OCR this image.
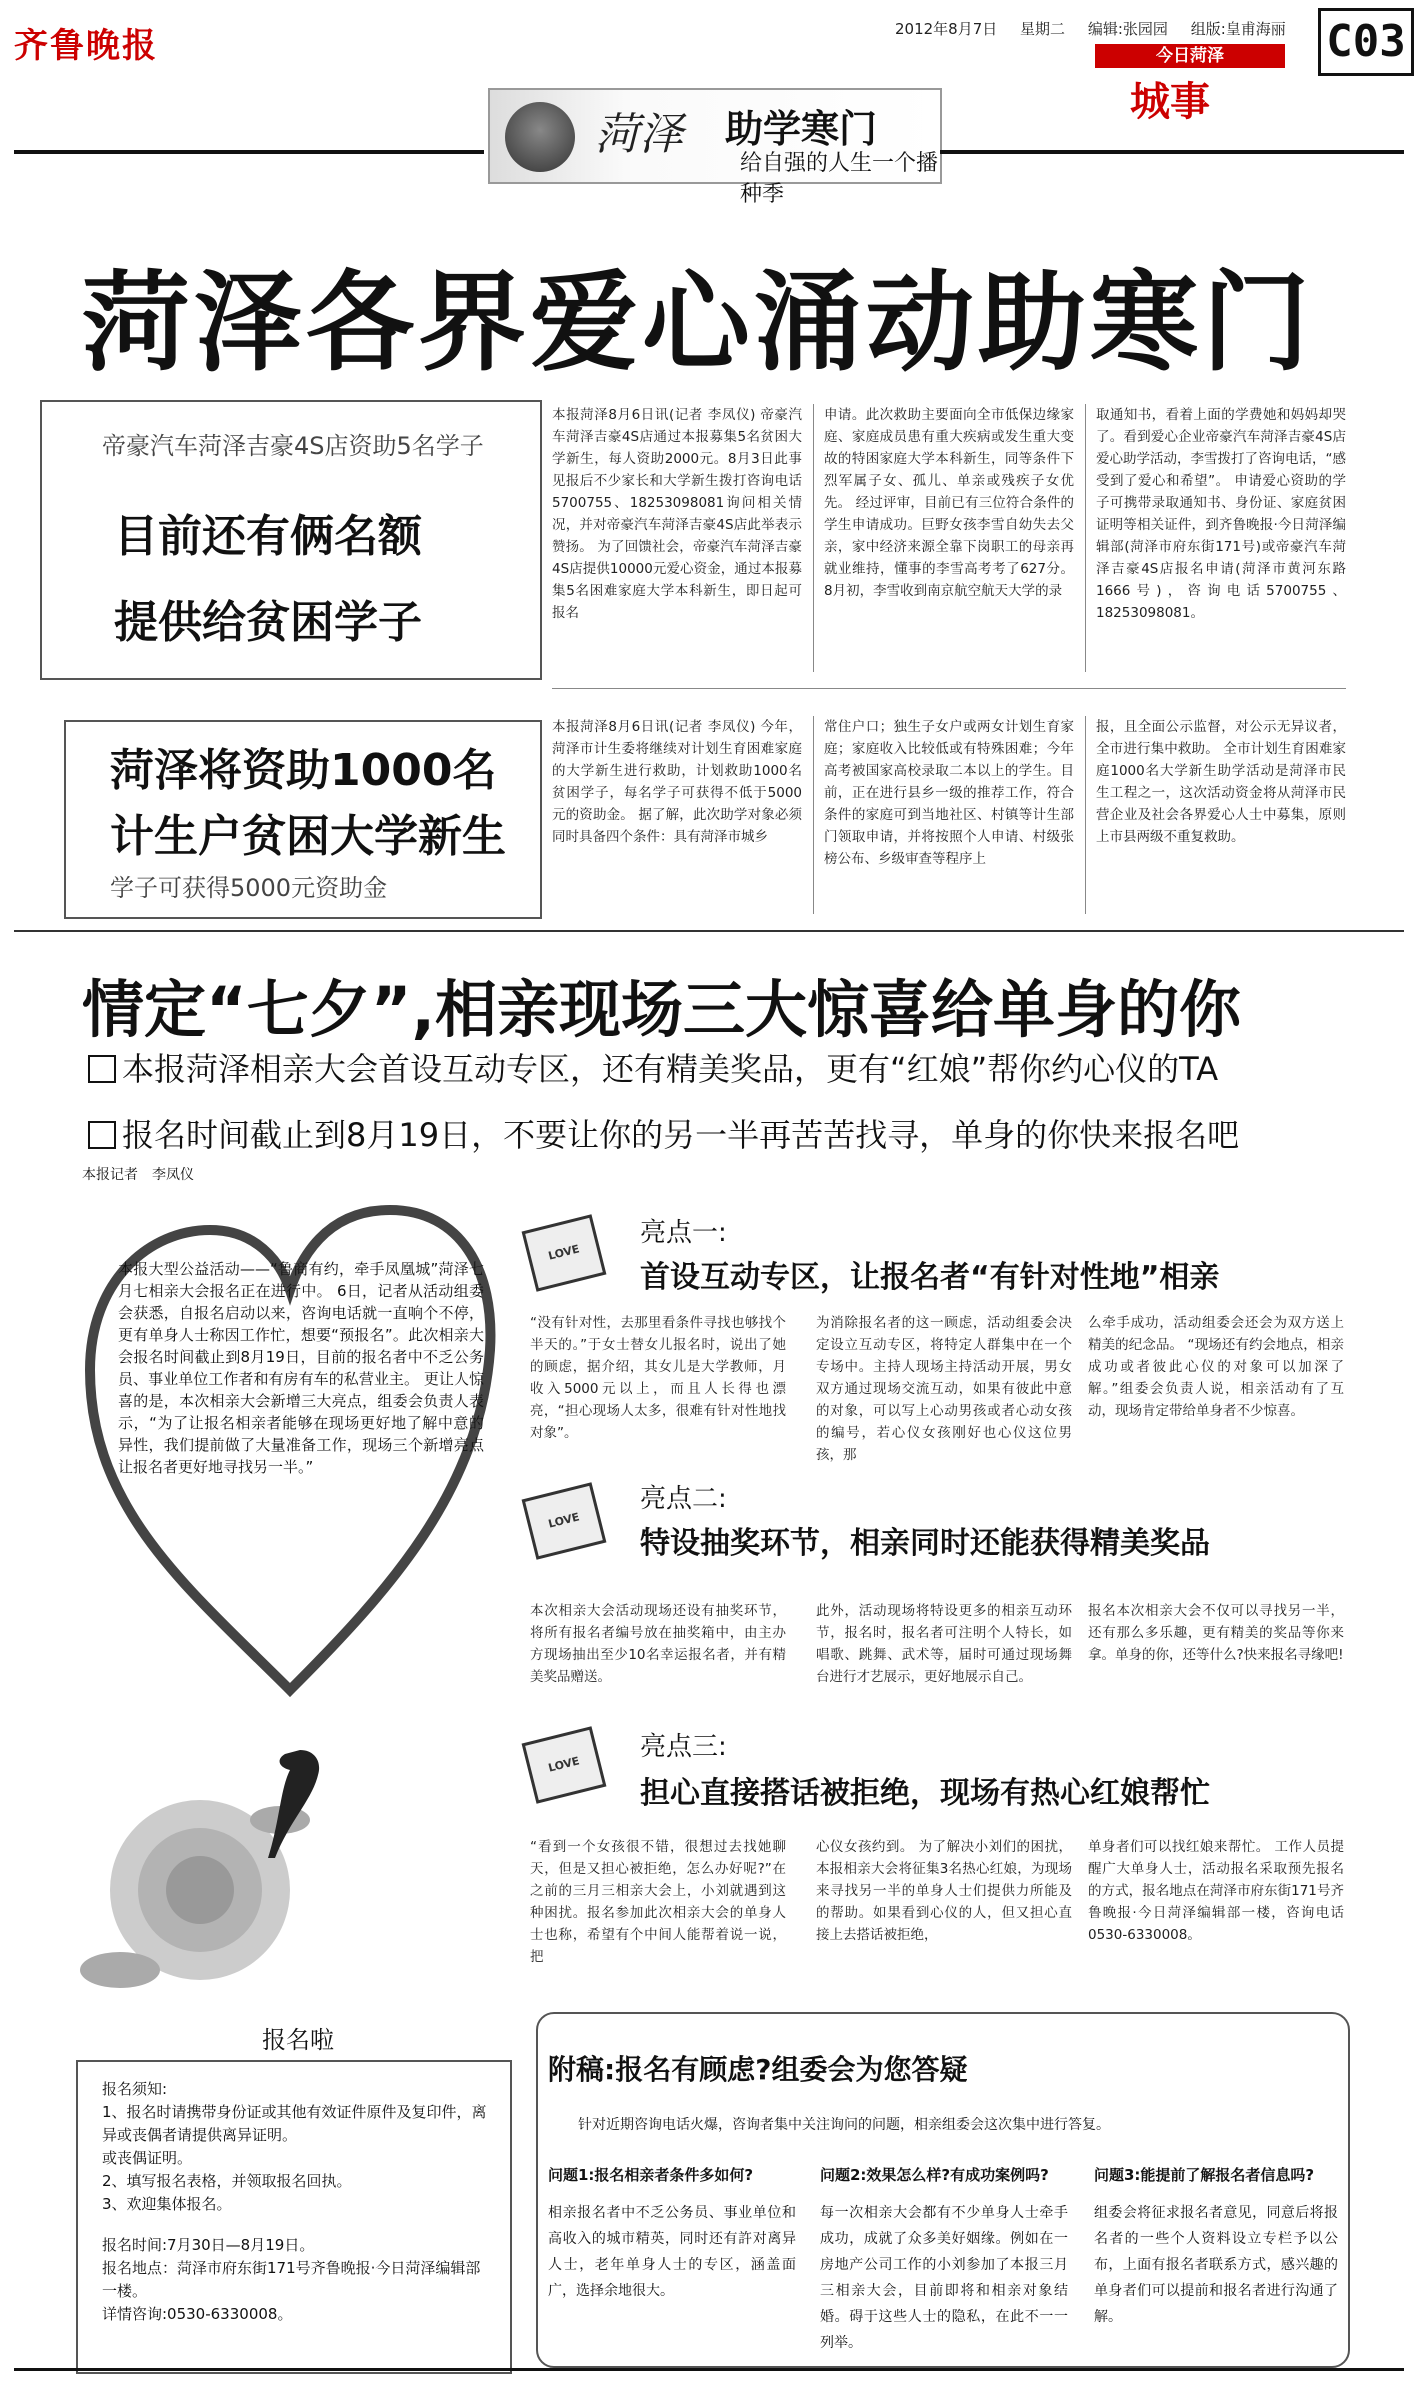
齐鲁晚报	2012年8月7日 星期二 编辑:张园园 组版:皇甫海丽
今日菏泽
城事
C03
菏泽 助学寒门
给自强的人生一个播种季
菏泽各界爱心涌动助寒门
帝豪汽车菏泽吉豪4S店资助5名学子
目前还有俩名额
提供给贫困学子
本报菏泽8月6日讯(记者 李凤仪) 帝豪汽车菏泽吉豪4S店通过本报募集5名贫困大学新生，每人资助2000元。8月3日此事见报后不少家长和大学新生拨打咨询电话5700755、18253098081询问相关情况，并对帝豪汽车菏泽吉豪4S店此举表示赞扬。 为了回馈社会，帝豪汽车菏泽吉豪4S店提供10000元爱心资金，通过本报募集5名困难家庭大学本科新生，即日起可报名
申请。此次救助主要面向全市低保边缘家庭、家庭成员患有重大疾病或发生重大变故的特困家庭大学本科新生，同等条件下烈军属子女、孤儿、单亲或残疾子女优先。 经过评审，目前已有三位符合条件的学生申请成功。巨野女孩李雪自幼失去父亲，家中经济来源全靠下岗职工的母亲再就业维持，懂事的李雪高考考了627分。8月初，李雪收到南京航空航天大学的录
取通知书，看着上面的学费她和妈妈却哭了。看到爱心企业帝豪汽车菏泽吉豪4S店爱心助学活动，李雪拨打了咨询电话，“感受到了爱心和希望”。 申请爱心资助的学子可携带录取通知书、身份证、家庭贫困证明等相关证件，到齐鲁晚报·今日菏泽编辑部(菏泽市府东街171号)或帝豪汽车菏泽吉豪4S店报名申请(菏泽市黄河东路1666号)，咨询电话5700755、18253098081。
菏泽将资助1000名
计生户贫困大学新生
学子可获得5000元资助金
本报菏泽8月6日讯(记者 李凤仪) 今年，菏泽市计生委将继续对计划生育困难家庭的大学新生进行救助，计划救助1000名贫困学子，每名学子可获得不低于5000元的资助金。 据了解，此次助学对象必须同时具备四个条件：具有菏泽市城乡
常住户口；独生子女户或两女计划生育家庭；家庭收入比较低或有特殊困难；今年高考被国家高校录取二本以上的学生。目前，正在进行县乡一级的推荐工作，符合条件的家庭可到当地社区、村镇等计生部门领取申请，并将按照个人申请、村级张榜公布、乡级审查等程序上
报，且全面公示监督，对公示无异议者，全市进行集中救助。 全市计划生育困难家庭1000名大学新生助学活动是菏泽市民生工程之一，这次活动资金将从菏泽市民营企业及社会各界爱心人士中募集，原则上市县两级不重复救助。
情定“七夕”,相亲现场三大惊喜给单身的你
本报菏泽相亲大会首设互动专区，还有精美奖品，更有“红娘”帮你约心仪的TA
报名时间截止到8月19日，不要让你的另一半再苦苦找寻，单身的你快来报名吧
本报记者　李凤仪
本报大型公益活动——“鲁商有约，牵手凤凰城”菏泽七月七相亲大会报名正在进行中。 6日，记者从活动组委会获悉，自报名启动以来，咨询电话就一直响个不停，更有单身人士称因工作忙，想要“预报名”。此次相亲大会报名时间截止到8月19日，目前的报名者中不乏公务员、事业单位工作者和有房有车的私营业主。 更让人惊喜的是，本次相亲大会新增三大亮点，组委会负责人表示，“为了让报名相亲者能够在现场更好地了解中意的异性，我们提前做了大量准备工作，现场三个新增亮点让报名者更好地寻找另一半。”
LOVE
亮点一:
首设互动专区，让报名者“有针对性地”相亲
“没有针对性，去那里看条件寻找也够找个半天的。”于女士替女儿报名时，说出了她的顾虑，据介绍，其女儿是大学教师，月收入5000元以上，而且人长得也漂亮，“担心现场人太多，很难有针对性地找对象”。
为消除报名者的这一顾虑，活动组委会决定设立互动专区，将特定人群集中在一个专场中。主持人现场主持活动开展，男女双方通过现场交流互动，如果有彼此中意的对象，可以写上心动男孩或者心动女孩的编号，若心仪女孩刚好也心仪这位男孩，那
么牵手成功，活动组委会还会为双方送上精美的纪念品。 “现场还有约会地点，相亲成功或者彼此心仪的对象可以加深了解。”组委会负责人说，相亲活动有了互动，现场肯定带给单身者不少惊喜。
LOVE
亮点二:
特设抽奖环节，相亲同时还能获得精美奖品
本次相亲大会活动现场还设有抽奖环节，将所有报名者编号放在抽奖箱中，由主办方现场抽出至少10名幸运报名者，并有精美奖品赠送。
此外，活动现场将特设更多的相亲互动环节，报名时，报名者可注明个人特长，如唱歌、跳舞、武术等，届时可通过现场舞台进行才艺展示，更好地展示自己。
报名本次相亲大会不仅可以寻找另一半，还有那么多乐趣，更有精美的奖品等你来拿。单身的你，还等什么?快来报名寻缘吧!
LOVE
亮点三:
担心直接搭话被拒绝，现场有热心红娘帮忙
“看到一个女孩很不错，很想过去找她聊天，但是又担心被拒绝，怎么办好呢?”在之前的三月三相亲大会上，小刘就遇到这种困扰。报名参加此次相亲大会的单身人士也称，希望有个中间人能帮着说一说，把
心仪女孩约到。 为了解决小刘们的困扰，本报相亲大会将征集3名热心红娘，为现场来寻找另一半的单身人士们提供力所能及的帮助。如果看到心仪的人，但又担心直接上去搭话被拒绝，
单身者们可以找红娘来帮忙。 工作人员提醒广大单身人士，活动报名采取预先报名的方式，报名地点在菏泽市府东街171号齐鲁晚报·今日菏泽编辑部一楼，咨询电话0530-6330008。
报名啦
报名须知:
1、报名时请携带身份证或其他有效证件原件及复印件，离异或丧偶者请提供离异证明。
或丧偶证明。
2、填写报名表格，并领取报名回执。
3、欢迎集体报名。
报名时间:7月30日—8月19日。
报名地点：菏泽市府东街171号齐鲁晚报·今日菏泽编辑部一楼。
详情咨询:0530-6330008。
附稿:报名有顾虑?组委会为您答疑
针对近期咨询电话火爆，咨询者集中关注询问的问题，相亲组委会这次集中进行答复。
问题1:报名相亲者条件多如何?
相亲报名者中不乏公务员、事业单位和高收入的城市精英，同时还有許对离异人士，老年单身人士的专区，涵盖面广，选择余地很大。
问题2:效果怎么样?有成功案例吗?
每一次相亲大会都有不少单身人士牵手成功，成就了众多美好姻缘。例如在一房地产公司工作的小刘参加了本报三月三相亲大会，目前即将和相亲对象结婚。碍于这些人士的隐私，在此不一一列举。
问题3:能提前了解报名者信息吗?
组委会将征求报名者意见，同意后将报名者的一些个人资料设立专栏予以公布，上面有报名者联系方式，感兴趣的单身者们可以提前和报名者进行沟通了解。
